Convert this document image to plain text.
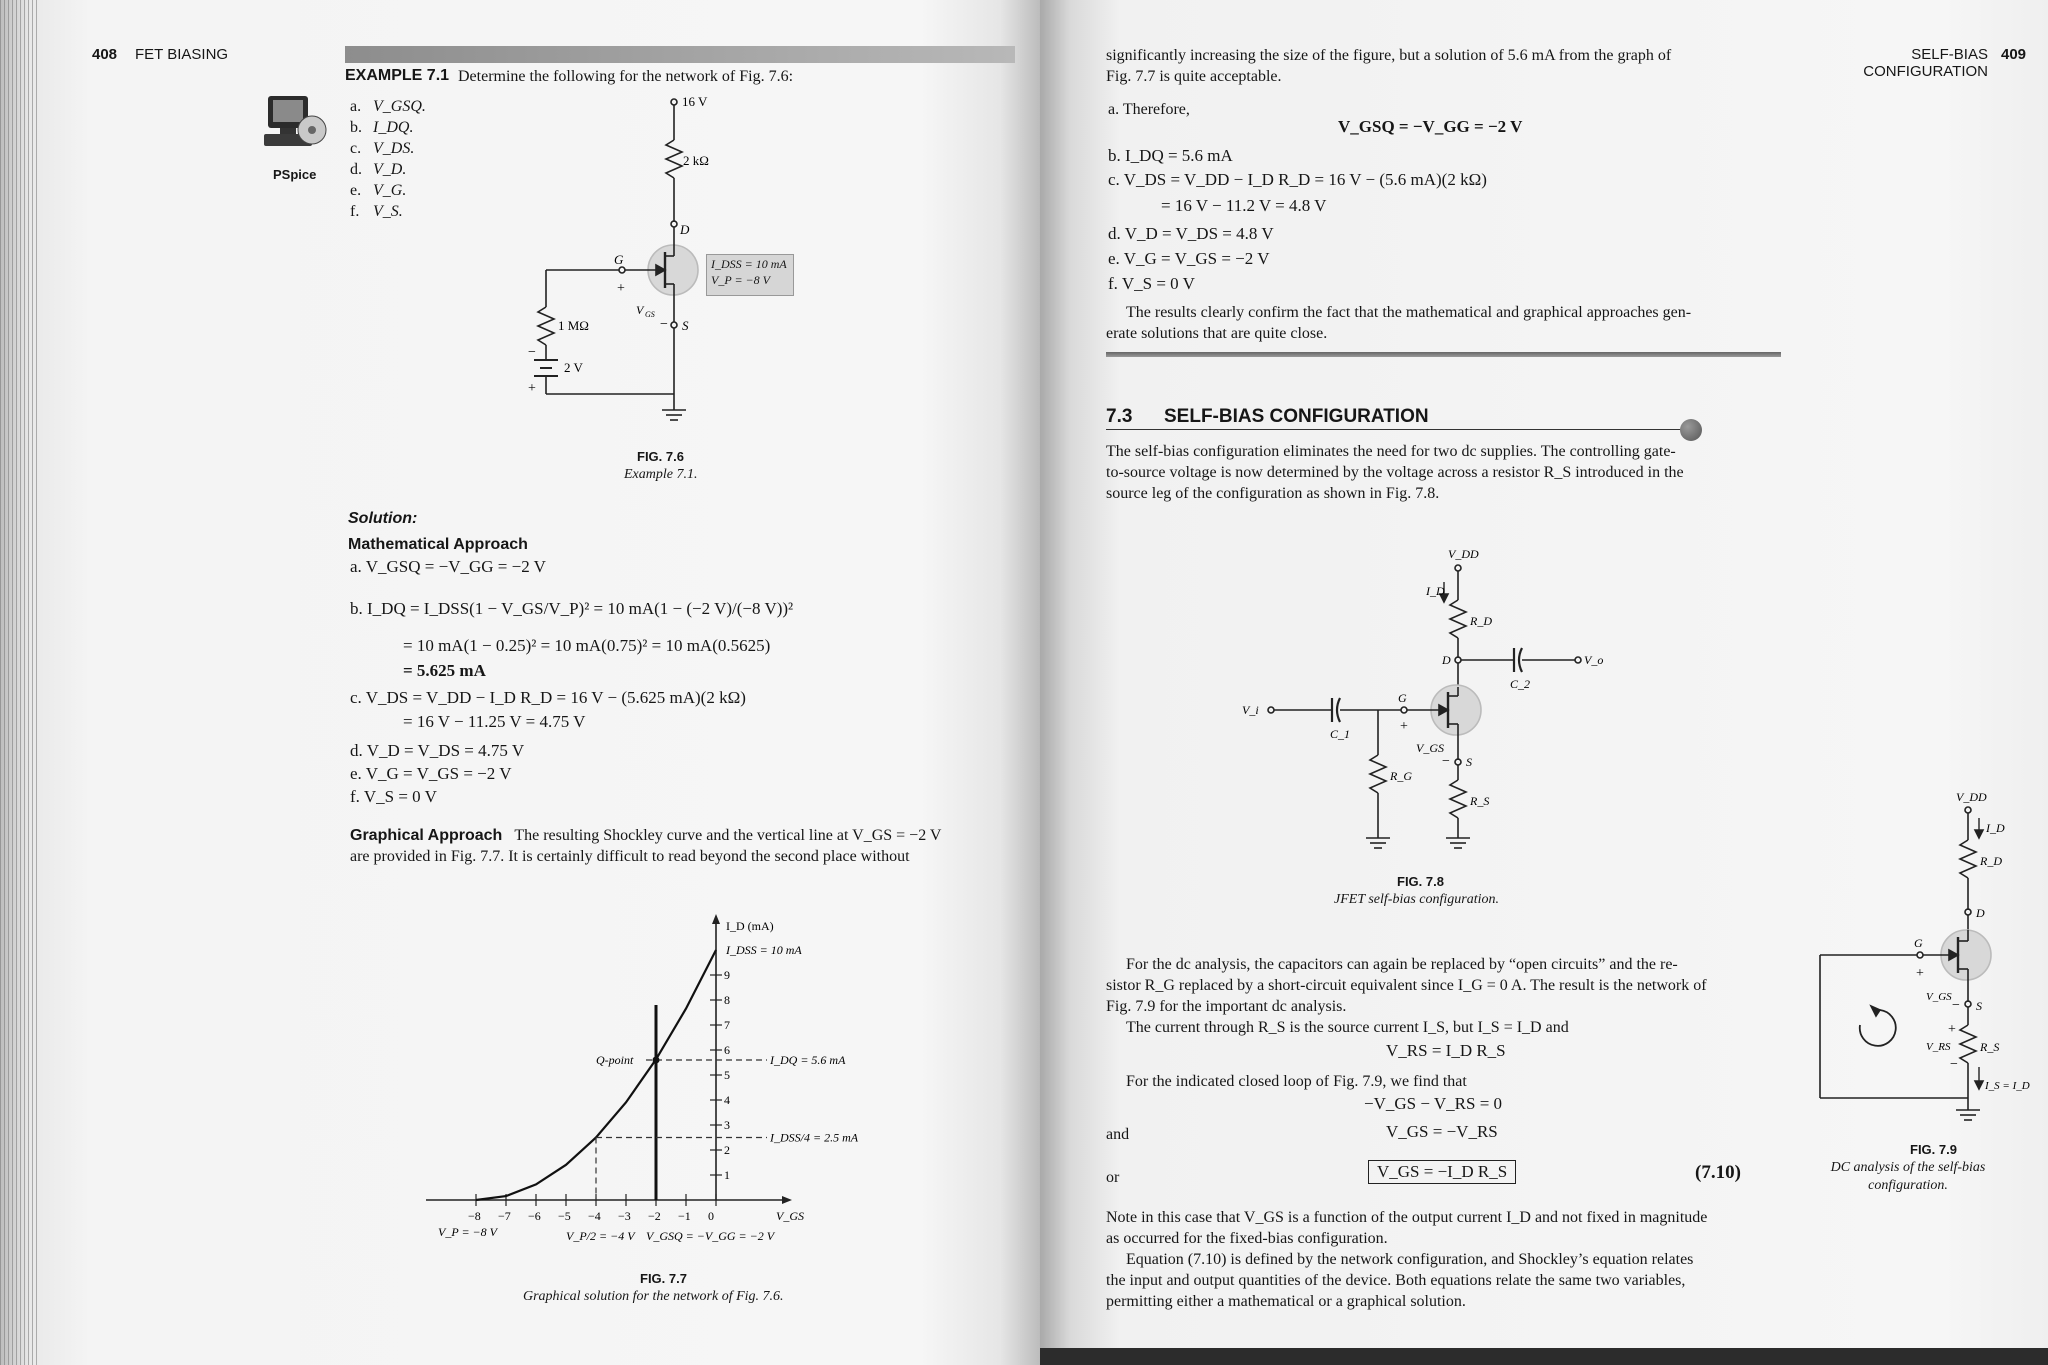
408 FET BIASING
PSpice
EXAMPLE 7.1 Determine the following for the network of Fig. 7.6:
a. V_GSQ.
b. I_DQ.
c. V_DS.
d. V_D.
e. V_G.
f. V_S.
16 V
2 kΩ
D
G
+
V GS
− S
1 MΩ
2 V
−
+
I_DSS = 10 mA
V_P = −8 V
FIG. 7.6
Example 7.1.
Solution:
Mathematical Approach
a. V_GSQ = −V_GG = −2 V
b. I_DQ = I_DSS(1 − V_GS/V_P)² = 10 mA(1 − (−2 V)/(−8 V))²
= 10 mA(1 − 0.25)² = 10 mA(0.75)² = 10 mA(0.5625)
= 5.625 mA
c. V_DS = V_DD − I_D R_D = 16 V − (5.625 mA)(2 kΩ)
= 16 V − 11.25 V = 4.75 V
d. V_D = V_DS = 4.75 V
e. V_G = V_GS = −2 V
f. V_S = 0 V
Graphical Approach The resulting Shockley curve and the vertical line at V_GS = −2 V
are provided in Fig. 7.7. It is certainly difficult to read beyond the second place without
−8 −7 −6 −5 −4 −3 −2 −1 0
1
2
3
4
5
6
7
8
9
I_D (mA)
I_DSS = 10 mA
Q-point	I_DQ = 5.6 mA
I_DSS/4 = 2.5 mA
V_GS
V_P = −8 V	V_P/2 = −4 V V_GSQ = −V_GG = −2 V
FIG. 7.7
Graphical solution for the network of Fig. 7.6.
SELF-BIAS
CONFIGURATION
409
significantly increasing the size of the figure, but a solution of 5.6 mA from the graph of
Fig. 7.7 is quite acceptable.
a. Therefore,
V_GSQ = −V_GG = −2 V
b. I_DQ = 5.6 mA
c. V_DS = V_DD − I_D R_D = 16 V − (5.6 mA)(2 kΩ)
= 16 V − 11.2 V = 4.8 V
d. V_D = V_DS = 4.8 V
e. V_G = V_GS = −2 V
f. V_S = 0 V
The results clearly confirm the fact that the mathematical and graphical approaches gen-
erate solutions that are quite close.
7.3 SELF-BIAS CONFIGURATION
The self-bias configuration eliminates the need for two dc supplies. The controlling gate-
to-source voltage is now determined by the voltage across a resistor R_S introduced in the
source leg of the configuration as shown in Fig. 7.8.
V_DD
I_D
R_D
D
C_2
V_o
V_i
C_1
G
+
V_GS
− S
R_G
R_S
FIG. 7.8
JFET self-bias configuration.
For the dc analysis, the capacitors can again be replaced by “open circuits” and the re-
sistor R_G replaced by a short-circuit equivalent since I_G = 0 A. The result is the network of
Fig. 7.9 for the important dc analysis.
The current through R_S is the source current I_S, but I_S = I_D and
V_RS = I_D R_S
For the indicated closed loop of Fig. 7.9, we find that
−V_GS − V_RS = 0
and	V_GS = −V_RS
or	V_GS = −I_D R_S	(7.10)
Note in this case that V_GS is a function of the output current I_D and not fixed in magnitude
as occurred for the fixed-bias configuration.
Equation (7.10) is defined by the network configuration, and Shockley’s equation relates
the input and output quantities of the device. Both equations relate the same two variables,
permitting either a mathematical or a graphical solution.
V_DD
I_D
R_D
D
G
+
V_GS
− S
+
V_RS
−
R_S
I_S = I_D
FIG. 7.9
DC analysis of the self-bias
configuration.
